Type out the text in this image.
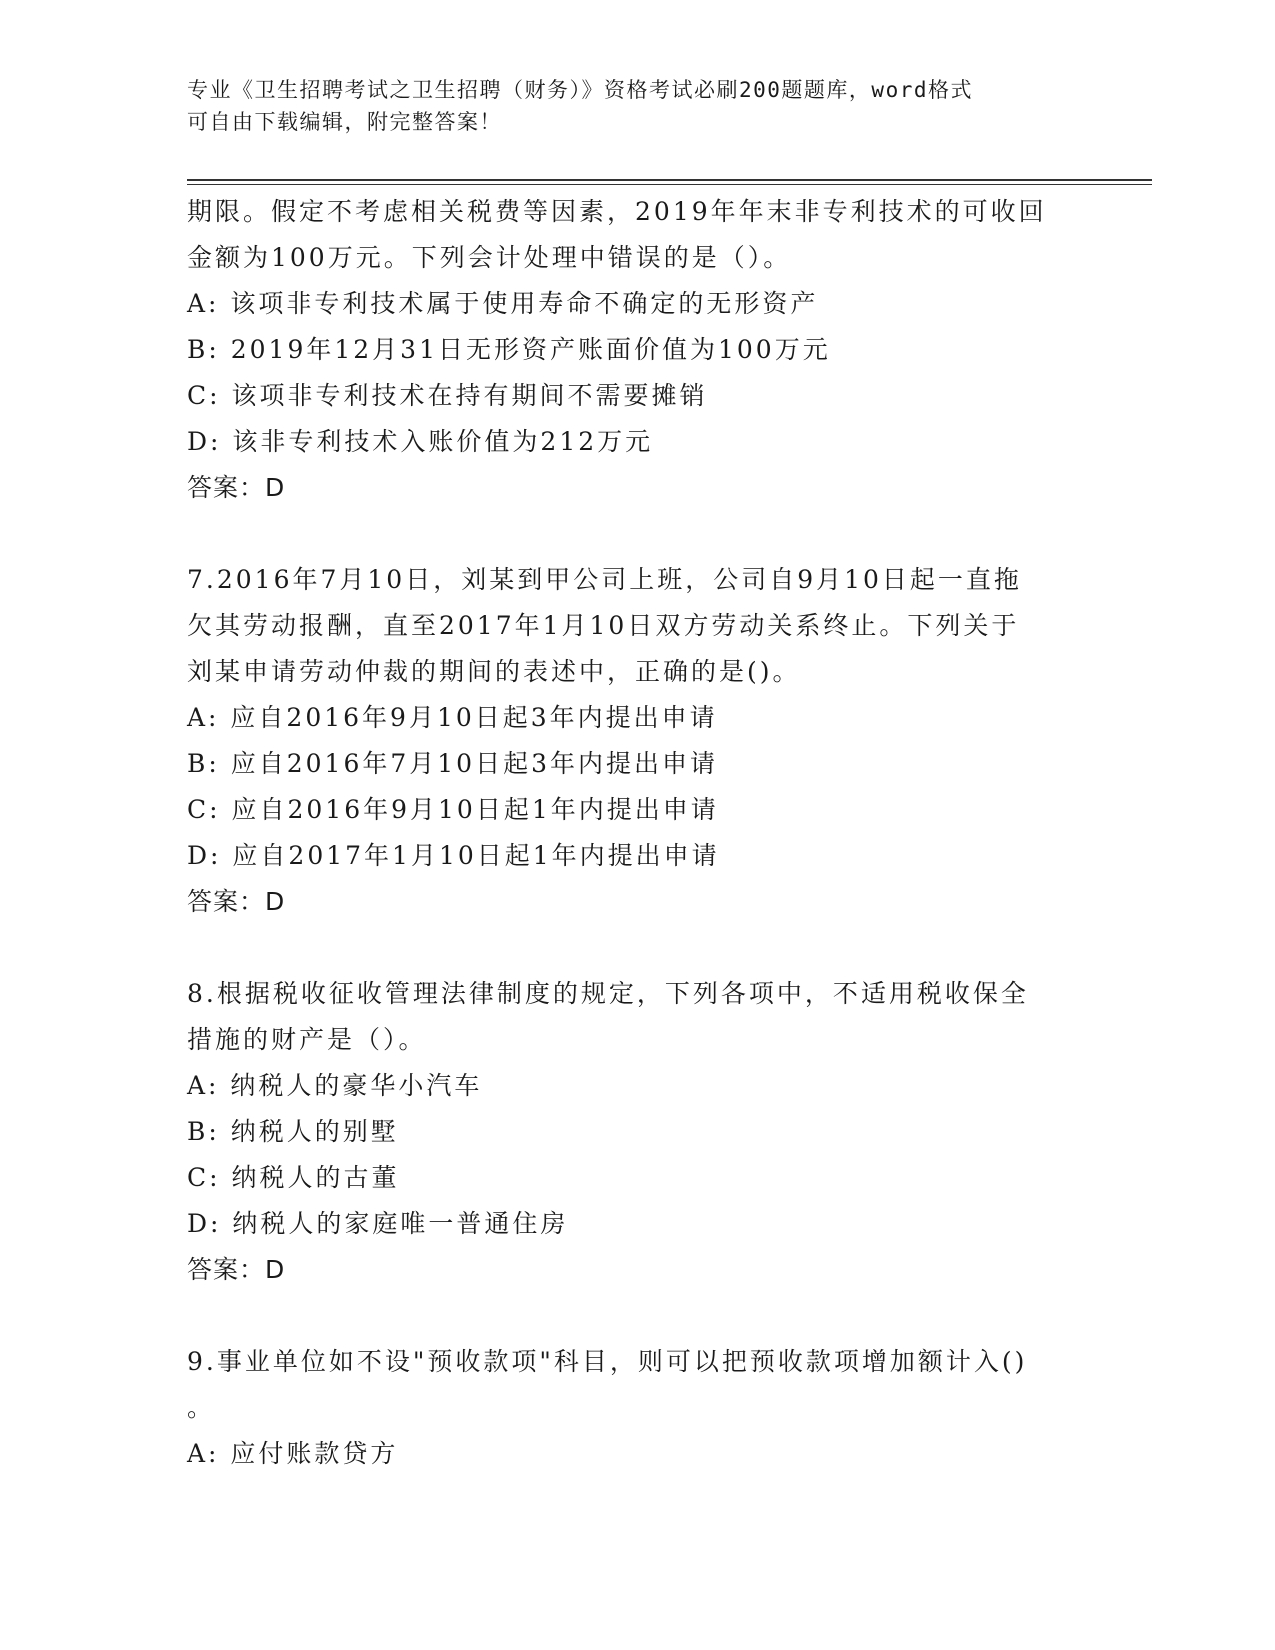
专业《卫生招聘考试之卫生招聘（财务）》资格考试必刷200题题库，word格式
可自由下载编辑，附完整答案！
期限。假定不考虑相关税费等因素，2019年年末非专利技术的可收回
金额为100万元。下列会计处理中错误的是（）。
A: 该项非专利技术属于使用寿命不确定的无形资产
B: 2019年12月31日无形资产账面价值为100万元
C: 该项非专利技术在持有期间不需要摊销
D: 该非专利技术入账价值为212万元
答案：D
7.2016年7月10日，刘某到甲公司上班，公司自9月10日起一直拖
欠其劳动报酬，直至2017年1月10日双方劳动关系终止。下列关于
刘某申请劳动仲裁的期间的表述中，正确的是()。
A: 应自2016年9月10日起3年内提出申请
B: 应自2016年7月10日起3年内提出申请
C: 应自2016年9月10日起1年内提出申请
D: 应自2017年1月10日起1年内提出申请
答案：D
8.根据税收征收管理法律制度的规定，下列各项中，不适用税收保全
措施的财产是（）。
A: 纳税人的豪华小汽车
B: 纳税人的别墅
C: 纳税人的古董
D: 纳税人的家庭唯一普通住房
答案：D
9.事业单位如不设"预收款项"科目，则可以把预收款项增加额计入()
。
A: 应付账款贷方
